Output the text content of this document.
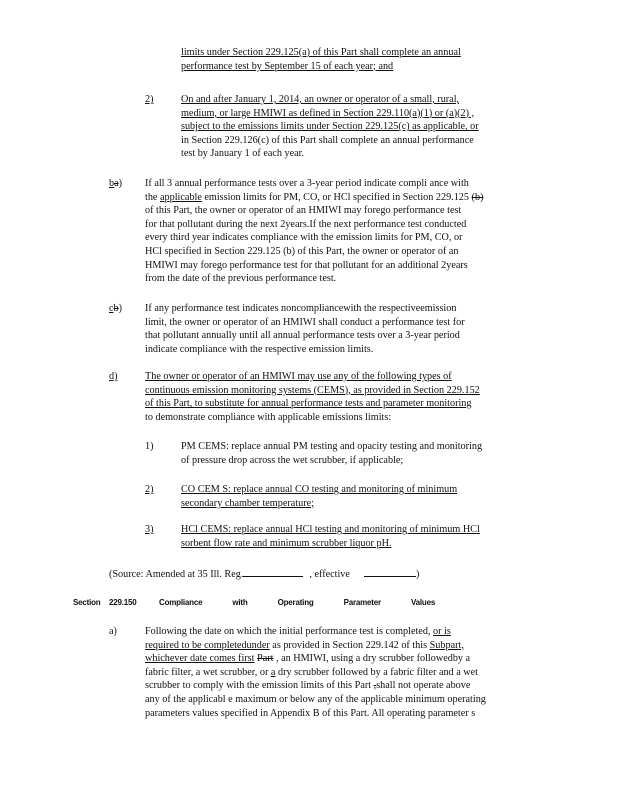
limits under Section 229.125(a) of this Part shall complete an annual
performance test by September 15 of each year; and
2)	On and after January 1, 2014, an owner or operator of a small, rural,
medium, or large HMIWI as defined in Section 229.110(a)(1) or (a)(2) ,
subject to the emissions limits under Section 229.125(c) as applicable, or
in Section 229.126(c) of this Part shall complete an annual performance
test by January 1 of each year.
ba) If all 3 annual performance tests over a 3-year period indicate compli ance with
the applicable emission limits for PM, CO, or HCl specified in Section 229.125 (b)
of this Part, the owner or operator of an HMIWI may forego performance test
for that pollutant during the next 2years.If the next performance test conducted
every third year indicates compliance with the emission limits for PM, CO, or
HCl specified in Section 229.125 (b) of this Part, the owner or operator of an
HMIWI may forego performance test for that pollutant for an additional 2years
from the date of the previous performance test.
cb) If any performance test indicates noncompliancewith the respectiveemission
limit, the owner or operator of an HMIWI shall conduct a performance test for
that pollutant annually until all annual performance tests over a 3-year period
indicate compliance with the respective emission limits.
d)	The owner or operator of an HMIWI may use any of the following types of
continuous emission monitoring systems (CEMS), as provided in Section 229.152
of this Part, to substitute for annual performance tests and parameter monitoring
to demonstrate compliance with applicable emissions limits:
1)	PM CEMS: replace annual PM testing and opacity testing and monitoring
of pressure drop across the wet scrubber, if applicable;
2)	CO CEM S: replace annual CO testing and monitoring of minimum
secondary chamber temperature;
3)	HCl CEMS: replace annual HCl testing and monitoring of minimum HCl
sorbent flow rate and minimum scrubber liquor pH.
(Source: Amended at 35 Ill. Reg.	, effective	)
Section 229.150	Compliance with Operating Parameter Values
a)	Following the date on which the initial performance test is completed, or is
required to be completedunder as provided in Section 229.142 of this Subpart,
whichever date comes first Part , an HMIWI, using a dry scrubber followedby a
fabric filter, a wet scrubber, or a dry scrubber followed by a fabric filter and a wet
scrubber to comply with the emission limits of this Part ,shall not operate above
any of the applicabl e maximum or below any of the applicable minimum operating
parameters values specified in Appendix B of this Part. All operating parameter s
